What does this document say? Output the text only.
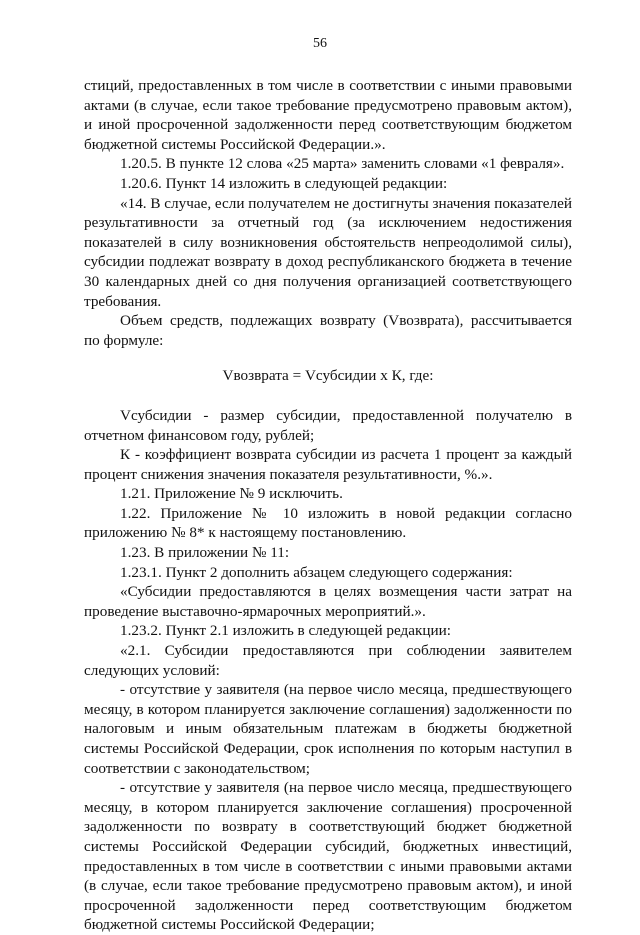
56

стиций, предоставленных в том числе в соответствии с иными правовыми актами (в случае, если такое требование предусмотрено правовым актом), и иной просроченной задолженности перед соответствующим бюджетом бюджетной системы Российской Федерации.».

1.20.5. В пункте 12 слова «25 марта» заменить словами «1 февраля».

1.20.6. Пункт 14 изложить в следующей редакции:

«14. В случае, если получателем не достигнуты значения показателей результативности за отчетный год (за исключением недостижения показателей в силу возникновения обстоятельств непреодолимой силы), субсидии подлежат возврату в доход республиканского бюджета в течение 30 календарных дней со дня получения организацией соответствующего требования.

Объем средств, подлежащих возврату (Vвозврата), рассчитывается по формуле:

Vвозврата = Vсубсидии х К, где:

Vсубсидии - размер субсидии, предоставленной получателю в отчетном финансовом году, рублей;

К - коэффициент возврата субсидии из расчета 1 процент за каждый процент снижения значения показателя результативности, %.».

1.21. Приложение № 9 исключить.

1.22. Приложение № 10 изложить в новой редакции согласно приложению № 8* к настоящему постановлению.

1.23. В приложении № 11:

1.23.1. Пункт 2 дополнить абзацем следующего содержания:

«Субсидии предоставляются в целях возмещения части затрат на проведение выставочно-ярмарочных мероприятий.».

1.23.2. Пункт 2.1 изложить в следующей редакции:

«2.1. Субсидии предоставляются при соблюдении заявителем следующих условий:

- отсутствие у заявителя (на первое число месяца, предшествующего месяцу, в котором планируется заключение соглашения) задолженности по налоговым и иным обязательным платежам в бюджеты бюджетной системы Российской Федерации, срок исполнения по которым наступил в соответствии с законодательством;

- отсутствие у заявителя (на первое число месяца, предшествующего месяцу, в котором планируется заключение соглашения) просроченной задолженности по возврату в соответствующий бюджет бюджетной системы Российской Федерации субсидий, бюджетных инвестиций, предоставленных в том числе в соответствии с иными правовыми актами (в случае, если такое требование предусмотрено правовым актом), и иной просроченной задолженности перед соответствующим бюджетом бюджетной системы Российской Федерации;
